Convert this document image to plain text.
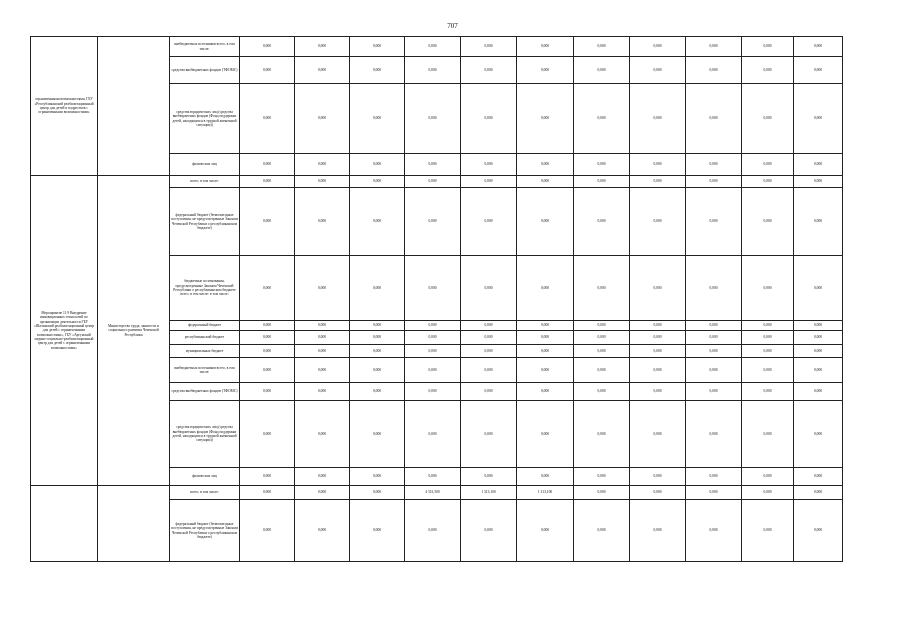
707
ограниченными возможностями, ГБУ «Республиканский реабилитационный центр для детей и подростков с ограниченными возможностями»		внебюджетных источников всего, в том числе:	0,000	0,000	0,000	0,000	0,000	0,000	0,000	0,000	0,000	0,000	0,000
		средства внебюджетных фондов (ТФОМС)	0,000	0,000	0,000	0,000	0,000	0,000	0,000	0,000	0,000	0,000	0,000
		средства юридических лиц (средства внебюджетных фондов (Фонд поддержки детей, находящихся в трудной жизненной ситуации))	0,000	0,000	0,000	0,000	0,000	0,000	0,000	0,000	0,000	0,000	0,000
		физических лиц	0,000	0,000	0,000	0,000	0,000	0,000	0,000	0,000	0,000	0,000	0,000
Мероприятие 11.9 Внедрение инновационных технологий по организации деятельности ГБУ «Шалинский реабилитационный центр для детей с ограниченными возможностями», ГБУ «Аргунский медико-социально-реабилитационный центр для детей с ограниченными возможностями»	Министерство труда, занятости и социального развития Чеченской Республики	всего, в том числе:	0,000	0,000	0,000	0,000	0,000	0,000	0,000	0,000	0,000	0,000	0,000
		федеральный бюджет (безвозмездные поступления, не предусмотренные Законом Чеченской Республики о республиканском бюджете)	0,000	0,000	0,000	0,000	0,000	0,000	0,000	0,000	0,000	0,000	0,000
		бюджетные ассигнования, предусмотренные Законом Чеченской Республики о республиканском бюджете всего, в том числе: в том числе:	0,000	0,000	0,000	0,000	0,000	0,000	0,000	0,000	0,000	0,000	0,000
		федеральный бюджет	0,000	0,000	0,000	0,000	0,000	0,000	0,000	0,000	0,000	0,000	0,000
		республиканский бюджет	0,000	0,000	0,000	0,000	0,000	0,000	0,000	0,000	0,000	0,000	0,000
		муниципальных бюджет	0,000	0,000	0,000	0,000	0,000	0,000	0,000	0,000	0,000	0,000	0,000
		внебюджетных источников всего, в том числе:	0,000	0,000	0,000	0,000	0,000	0,000	0,000	0,000	0,000	0,000	0,000
		средства внебюджетных фондов (ТФОМС)	0,000	0,000	0,000	0,000	0,000	0,000	0,000	0,000	0,000	0,000	0,000
		средства юридических лиц (средства внебюджетных фондов (Фонд поддержки детей, находящихся в трудной жизненной ситуации))	0,000	0,000	0,000	0,000	0,000	0,000	0,000	0,000	0,000	0,000	0,000
		физических лиц	0,000	0,000	0,000	0,000	0,000	0,000	0,000	0,000	0,000	0,000	0,000
		всего, в том числе:	0,000	0,000	0,000	4 351,500	1 313,100	1 313,100	0,000	0,000	0,000	0,000	0,000
		федеральный бюджет (безвозмездные поступления, не предусмотренные Законом Чеченской Республики о республиканском бюджете)	0,000	0,000	0,000	0,000	0,000	0,000	0,000	0,000	0,000	0,000	0,000
